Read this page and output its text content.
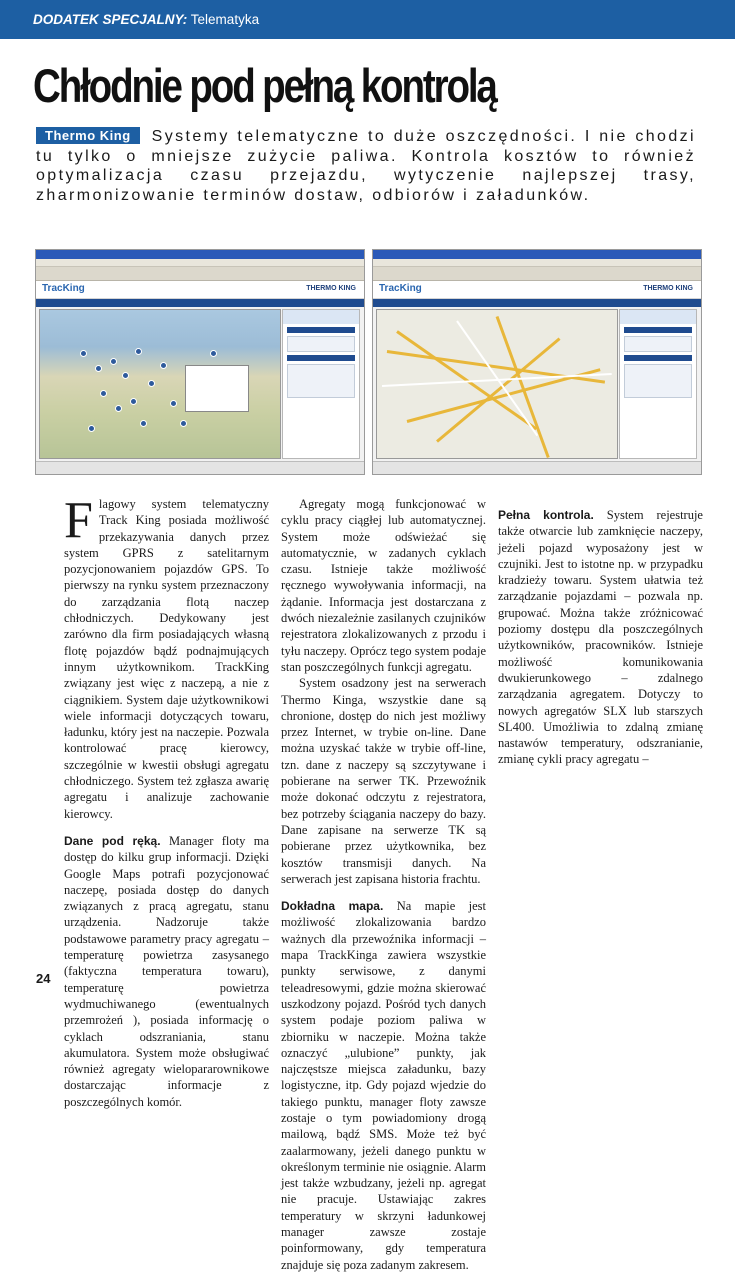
DODATEK SPECJALNY: Telematyka
Chłodnie pod pełną kontrolą
Thermo King Systemy telematyczne to duże oszczędności. I nie chodzi tu tylko o mniejsze zużycie paliwa. Kontrola kosztów to również optymalizacja czasu przejazdu, wytyczenie najlepszej trasy, zharmonizowanie terminów dostaw, odbiorów i załadunków.
TracKing	THERMO KING TracKing	THERMO KING

Flagowy system telematyczny Track King posiada możliwość przekazywania danych przez system GPRS z satelitarnym pozycjonowaniem pojazdów GPS. To pierwszy na rynku system przeznaczony do zarządzania flotą naczep chłodniczych. Dedykowany jest zarówno dla firm posiadających własną flotę pojazdów bądź podnajmujących innym użytkownikom. TrackKing związany jest więc z naczepą, a nie z ciągnikiem. System daje użytkownikowi wiele informacji dotyczących towaru, ładunku, który jest na naczepie. Pozwala kontrolować pracę kierowcy, szczególnie w kwestii obsługi agregatu chłodniczego. System też zgłasza awarię agregatu i analizuje zachowanie kierowcy.

Dane pod ręką. Manager floty ma dostęp do kilku grup informacji. Dzięki Google Maps potrafi pozycjonować naczepę, posiada dostęp do danych związanych z pracą agregatu, stanu urządzenia. Nadzoruje także podstawowe parametry pracy agregatu – temperaturę powietrza zasysanego (faktyczna temperatura towaru), temperaturę powietrza wydmuchiwanego (ewentualnych przemrożeń ), posiada informację o cyklach odszraniania, stanu akumulatora. System może obsługiwać również agregaty wielopararownikowe dostarczając informacje z poszczególnych komór.

Agregaty mogą funkcjonować w cyklu pracy ciągłej lub automatycznej. System może odświeżać się automatycznie, w zadanych cyklach czasu. Istnieje także możliwość ręcznego wywoływania informacji, na żądanie. Informacja jest dostarczana z dwóch niezależnie zasilanych czujników rejestratora zlokalizowanych z przodu i tyłu naczepy. Oprócz tego system podaje stan poszczególnych funkcji agregatu.

System osadzony jest na serwerach Thermo Kinga, wszystkie dane są chronione, dostęp do nich jest możliwy przez Internet, w trybie on-line. Dane można uzyskać także w trybie off-line, tzn. dane z naczepy są szczytywane i pobierane na serwer TK. Przewoźnik może dokonać odczytu z rejestratora, bez potrzeby ściągania naczepy do bazy. Dane zapisane na serwerze TK są pobierane przez użytkownika, bez kosztów transmisji danych. Na serwerach jest zapisana historia frachtu.

Dokładna mapa. Na mapie jest możliwość zlokalizowania bardzo ważnych dla przewoźnika informacji – mapa TrackKinga zawiera wszystkie punkty serwisowe, z danymi teleadresowymi, gdzie można skierować uszkodzony pojazd. Pośród tych danych system podaje poziom paliwa w zbiorniku w naczepie. Można także oznaczyć „ulubione” punkty, jak najczęstsze miejsca załadunku, bazy logistyczne, itp. Gdy pojazd wjedzie do takiego punktu, manager floty zawsze zostaje o tym powiadomiony drogą mailową, bądź SMS. Może też być zaalarmowany, jeżeli danego punktu w określonym terminie nie osiągnie. Alarm jest także wzbudzany, jeżeli np. agregat nie pracuje. Ustawiając zakres temperatury w skrzyni ładunkowej manager zawsze zostaje poinformowany, gdy temperatura znajduje się poza zadanym zakresem.

Pełna kontrola. System rejestruje także otwarcie lub zamknięcie naczepy, jeżeli pojazd wyposażony jest w czujniki. Jest to istotne np. w przypadku kradzieży towaru. System ułatwia też zarządzanie pojazdami – pozwala np. grupować. Można także zróżnicować poziomy dostępu dla poszczególnych użytkowników, pracowników. Istnieje możliwość komunikowania dwukierunkowego – zdalnego zarządzania agregatem. Dotyczy to nowych agregatów SLX lub starszych SL400. Umożliwia to zdalną zmianę nastawów temperatury, odszranianie, zmianę cykli pracy agregatu –

24
